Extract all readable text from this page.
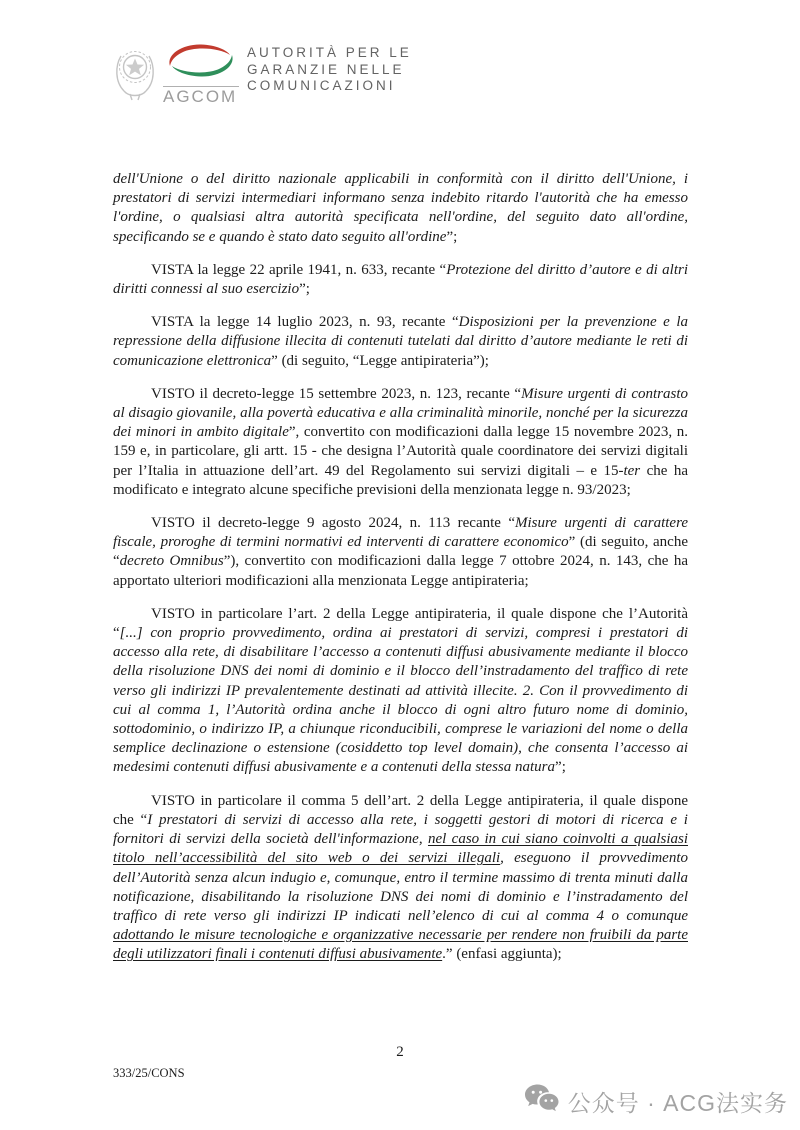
AGCOM
AUTORITÀ PER LE
GARANZIE NELLE
COMUNICAZIONI

dell'Unione o del diritto nazionale applicabili in conformità con il diritto dell'Unione, i prestatori di servizi intermediari informano senza indebito ritardo l'autorità che ha emesso l'ordine, o qualsiasi altra autorità specificata nell'ordine, del seguito dato all'ordine, specificando se e quando è stato dato seguito all'ordine”;

VISTA la legge 22 aprile 1941, n. 633, recante “Protezione del diritto d’autore e di altri diritti connessi al suo esercizio”;

VISTA la legge 14 luglio 2023, n. 93, recante “Disposizioni per la prevenzione e la repressione della diffusione illecita di contenuti tutelati dal diritto d’autore mediante le reti di comunicazione elettronica” (di seguito, “Legge antipirateria”);

VISTO il decreto-legge 15 settembre 2023, n. 123, recante “Misure urgenti di contrasto al disagio giovanile, alla povertà educativa e alla criminalità minorile, nonché per la sicurezza dei minori in ambito digitale”, convertito con modificazioni dalla legge 15 novembre 2023, n. 159 e, in particolare, gli artt. 15 - che designa l’Autorità quale coordinatore dei servizi digitali per l’Italia in attuazione dell’art. 49 del Regolamento sui servizi digitali – e 15-ter che ha modificato e integrato alcune specifiche previsioni della menzionata legge n. 93/2023;

VISTO il decreto-legge 9 agosto 2024, n. 113 recante “Misure urgenti di carattere fiscale, proroghe di termini normativi ed interventi di carattere economico” (di seguito, anche “decreto Omnibus”), convertito con modificazioni dalla legge 7 ottobre 2024, n. 143, che ha apportato ulteriori modificazioni alla menzionata Legge antipirateria;

VISTO in particolare l’art. 2 della Legge antipirateria, il quale dispone che l’Autorità “[...] con proprio provvedimento, ordina ai prestatori di servizi, compresi i prestatori di accesso alla rete, di disabilitare l’accesso a contenuti diffusi abusivamente mediante il blocco della risoluzione DNS dei nomi di dominio e il blocco dell’instradamento del traffico di rete verso gli indirizzi IP prevalentemente destinati ad attività illecite. 2. Con il provvedimento di cui al comma 1, l’Autorità ordina anche il blocco di ogni altro futuro nome di dominio, sottodominio, o indirizzo IP, a chiunque riconducibili, comprese le variazioni del nome o della semplice declinazione o estensione (cosiddetto top level domain), che consenta l’accesso ai medesimi contenuti diffusi abusivamente e a contenuti della stessa natura”;

VISTO in particolare il comma 5 dell’art. 2 della Legge antipirateria, il quale dispone che “I prestatori di servizi di accesso alla rete, i soggetti gestori di motori di ricerca e i fornitori di servizi della società dell'informazione, nel caso in cui siano coinvolti a qualsiasi titolo nell’accessibilità del sito web o dei servizi illegali, eseguono il provvedimento dell’Autorità senza alcun indugio e, comunque, entro il termine massimo di trenta minuti dalla notificazione, disabilitando la risoluzione DNS dei nomi di dominio e l’instradamento del traffico di rete verso gli indirizzi IP indicati nell’elenco di cui al comma 4 o comunque adottando le misure tecnologiche e organizzative necessarie per rendere non fruibili da parte degli utilizzatori finali i contenuti diffusi abusivamente.” (enfasi aggiunta);

2
333/25/CONS
公众号 · ACG法实务
